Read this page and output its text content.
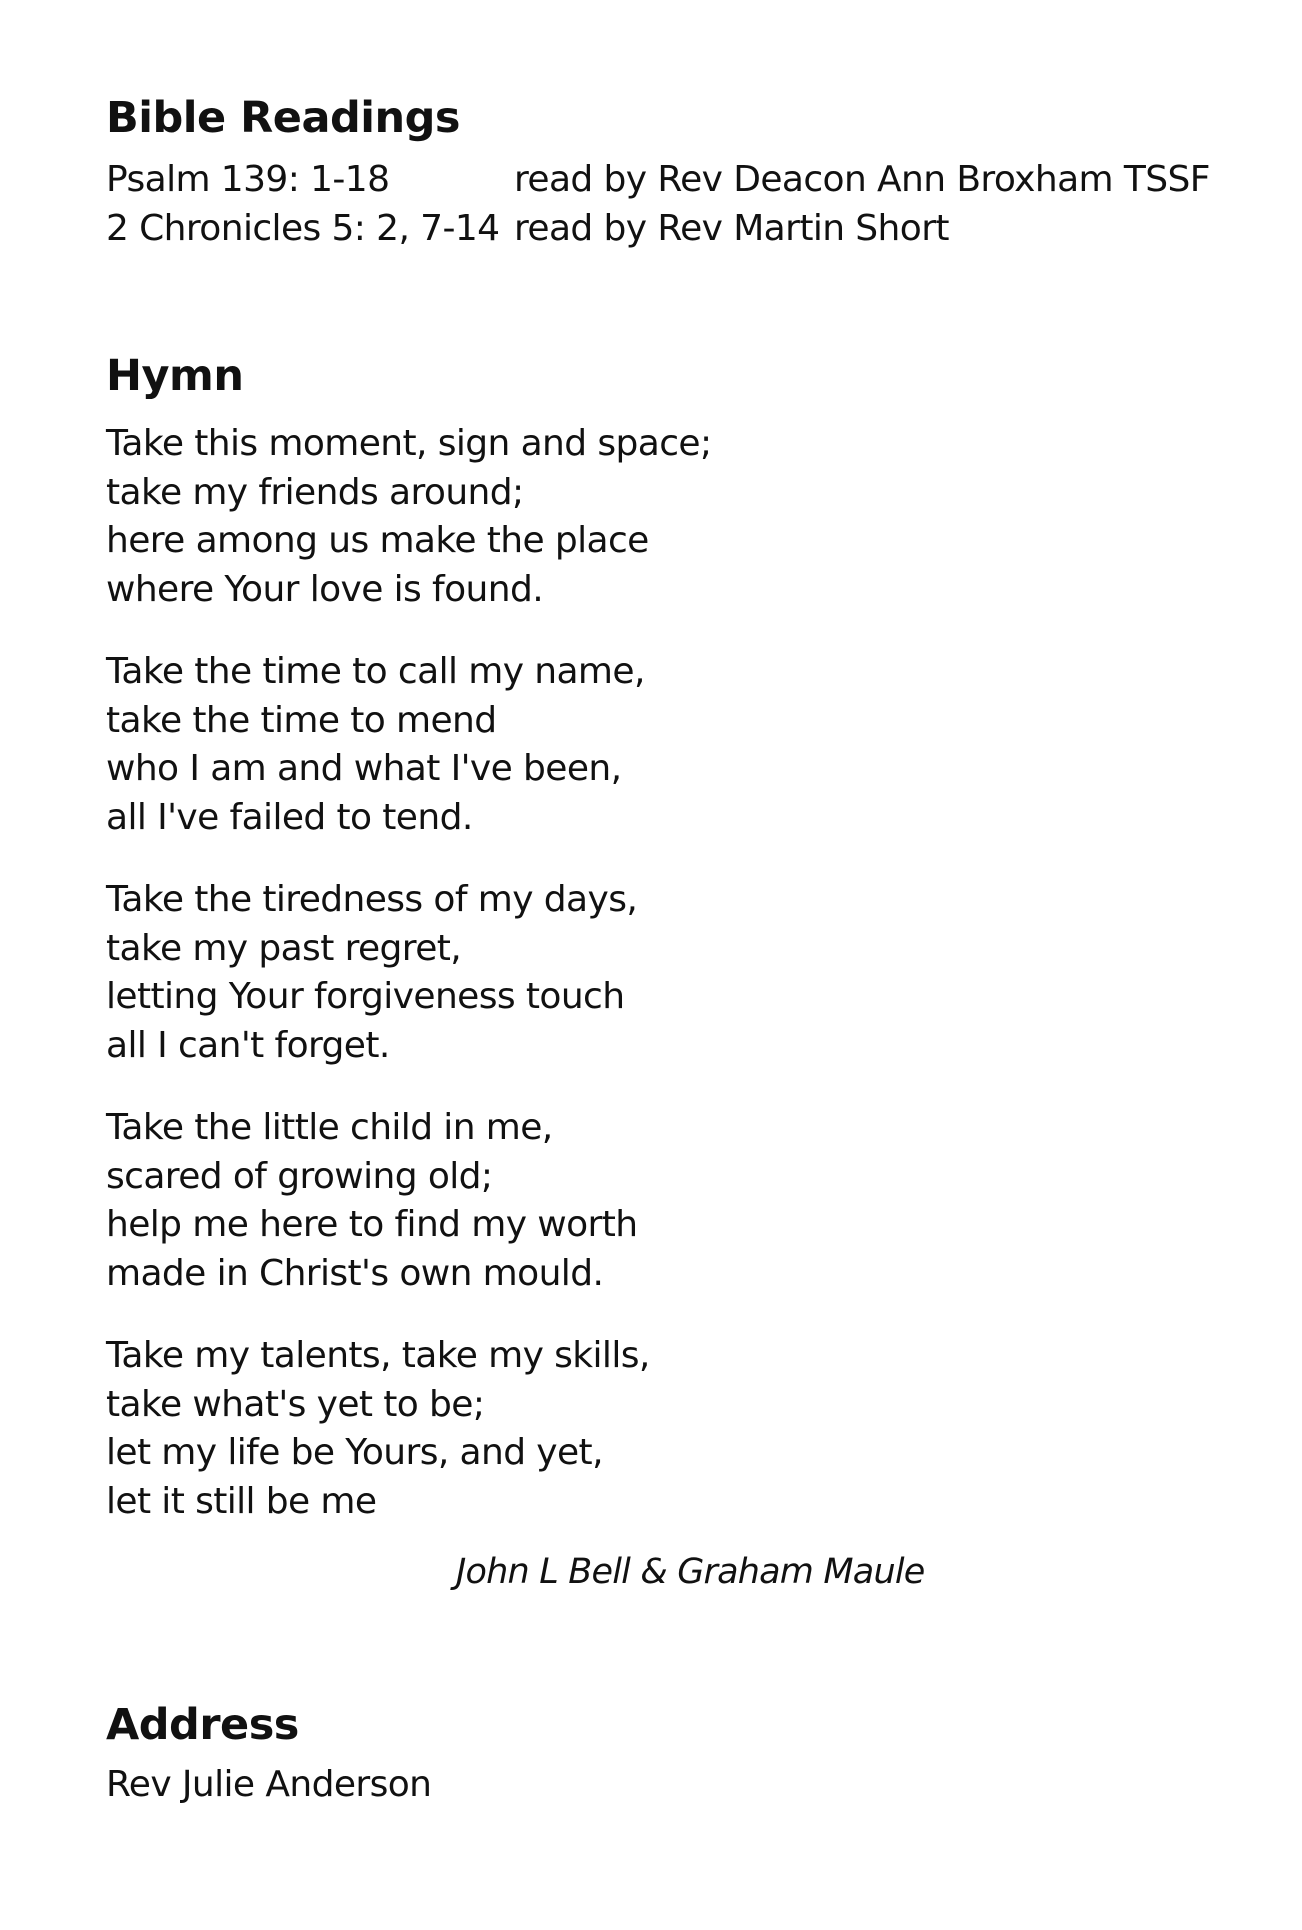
Bible Readings
Psalm 139: 1-18	read by Rev Deacon Ann Broxham TSSF
2 Chronicles 5: 2, 7-14 read by Rev Martin Short
Hymn
Take this moment, sign and space;
take my friends around;
here among us make the place
where Your love is found.
Take the time to call my name,
take the time to mend
who I am and what I've been,
all I've failed to tend.
Take the tiredness of my days,
take my past regret,
letting Your forgiveness touch
all I can't forget.
Take the little child in me,
scared of growing old;
help me here to find my worth
made in Christ's own mould.
Take my talents, take my skills,
take what's yet to be;
let my life be Yours, and yet,
let it still be me
John L Bell & Graham Maule
Address
Rev Julie Anderson
